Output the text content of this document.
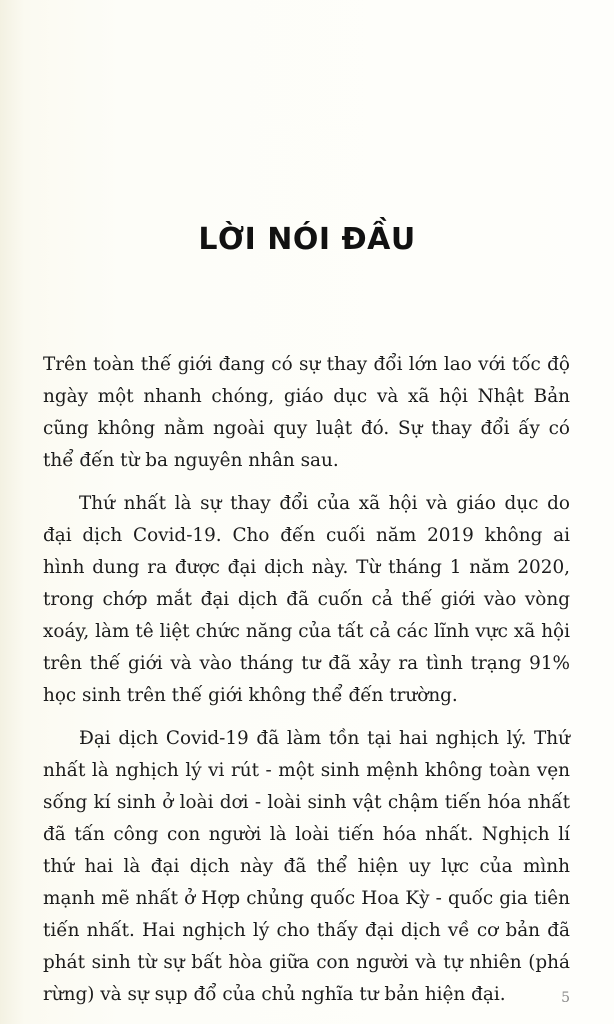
LỜI NÓI ĐẦU

Trên toàn thế giới đang có sự thay đổi lớn lao với tốc độ ngày một nhanh chóng, giáo dục và xã hội Nhật Bản cũng không nằm ngoài quy luật đó. Sự thay đổi ấy có thể đến từ ba nguyên nhân sau.

Thứ nhất là sự thay đổi của xã hội và giáo dục do đại dịch Covid-19. Cho đến cuối năm 2019 không ai hình dung ra được đại dịch này. Từ tháng 1 năm 2020, trong chớp mắt đại dịch đã cuốn cả thế giới vào vòng xoáy, làm tê liệt chức năng của tất cả các lĩnh vực xã hội trên thế giới và vào tháng tư đã xảy ra tình trạng 91% học sinh trên thế giới không thể đến trường.

Đại dịch Covid-19 đã làm tồn tại hai nghịch lý. Thứ nhất là nghịch lý vi rút - một sinh mệnh không toàn vẹn sống kí sinh ở loài dơi - loài sinh vật chậm tiến hóa nhất đã tấn công con người là loài tiến hóa nhất. Nghịch lí thứ hai là đại dịch này đã thể hiện uy lực của mình mạnh mẽ nhất ở Hợp chủng quốc Hoa Kỳ - quốc gia tiên tiến nhất. Hai nghịch lý cho thấy đại dịch về cơ bản đã phát sinh từ sự bất hòa giữa con người và tự nhiên (phá rừng) và sự sụp đổ của chủ nghĩa tư bản hiện đại.	5
